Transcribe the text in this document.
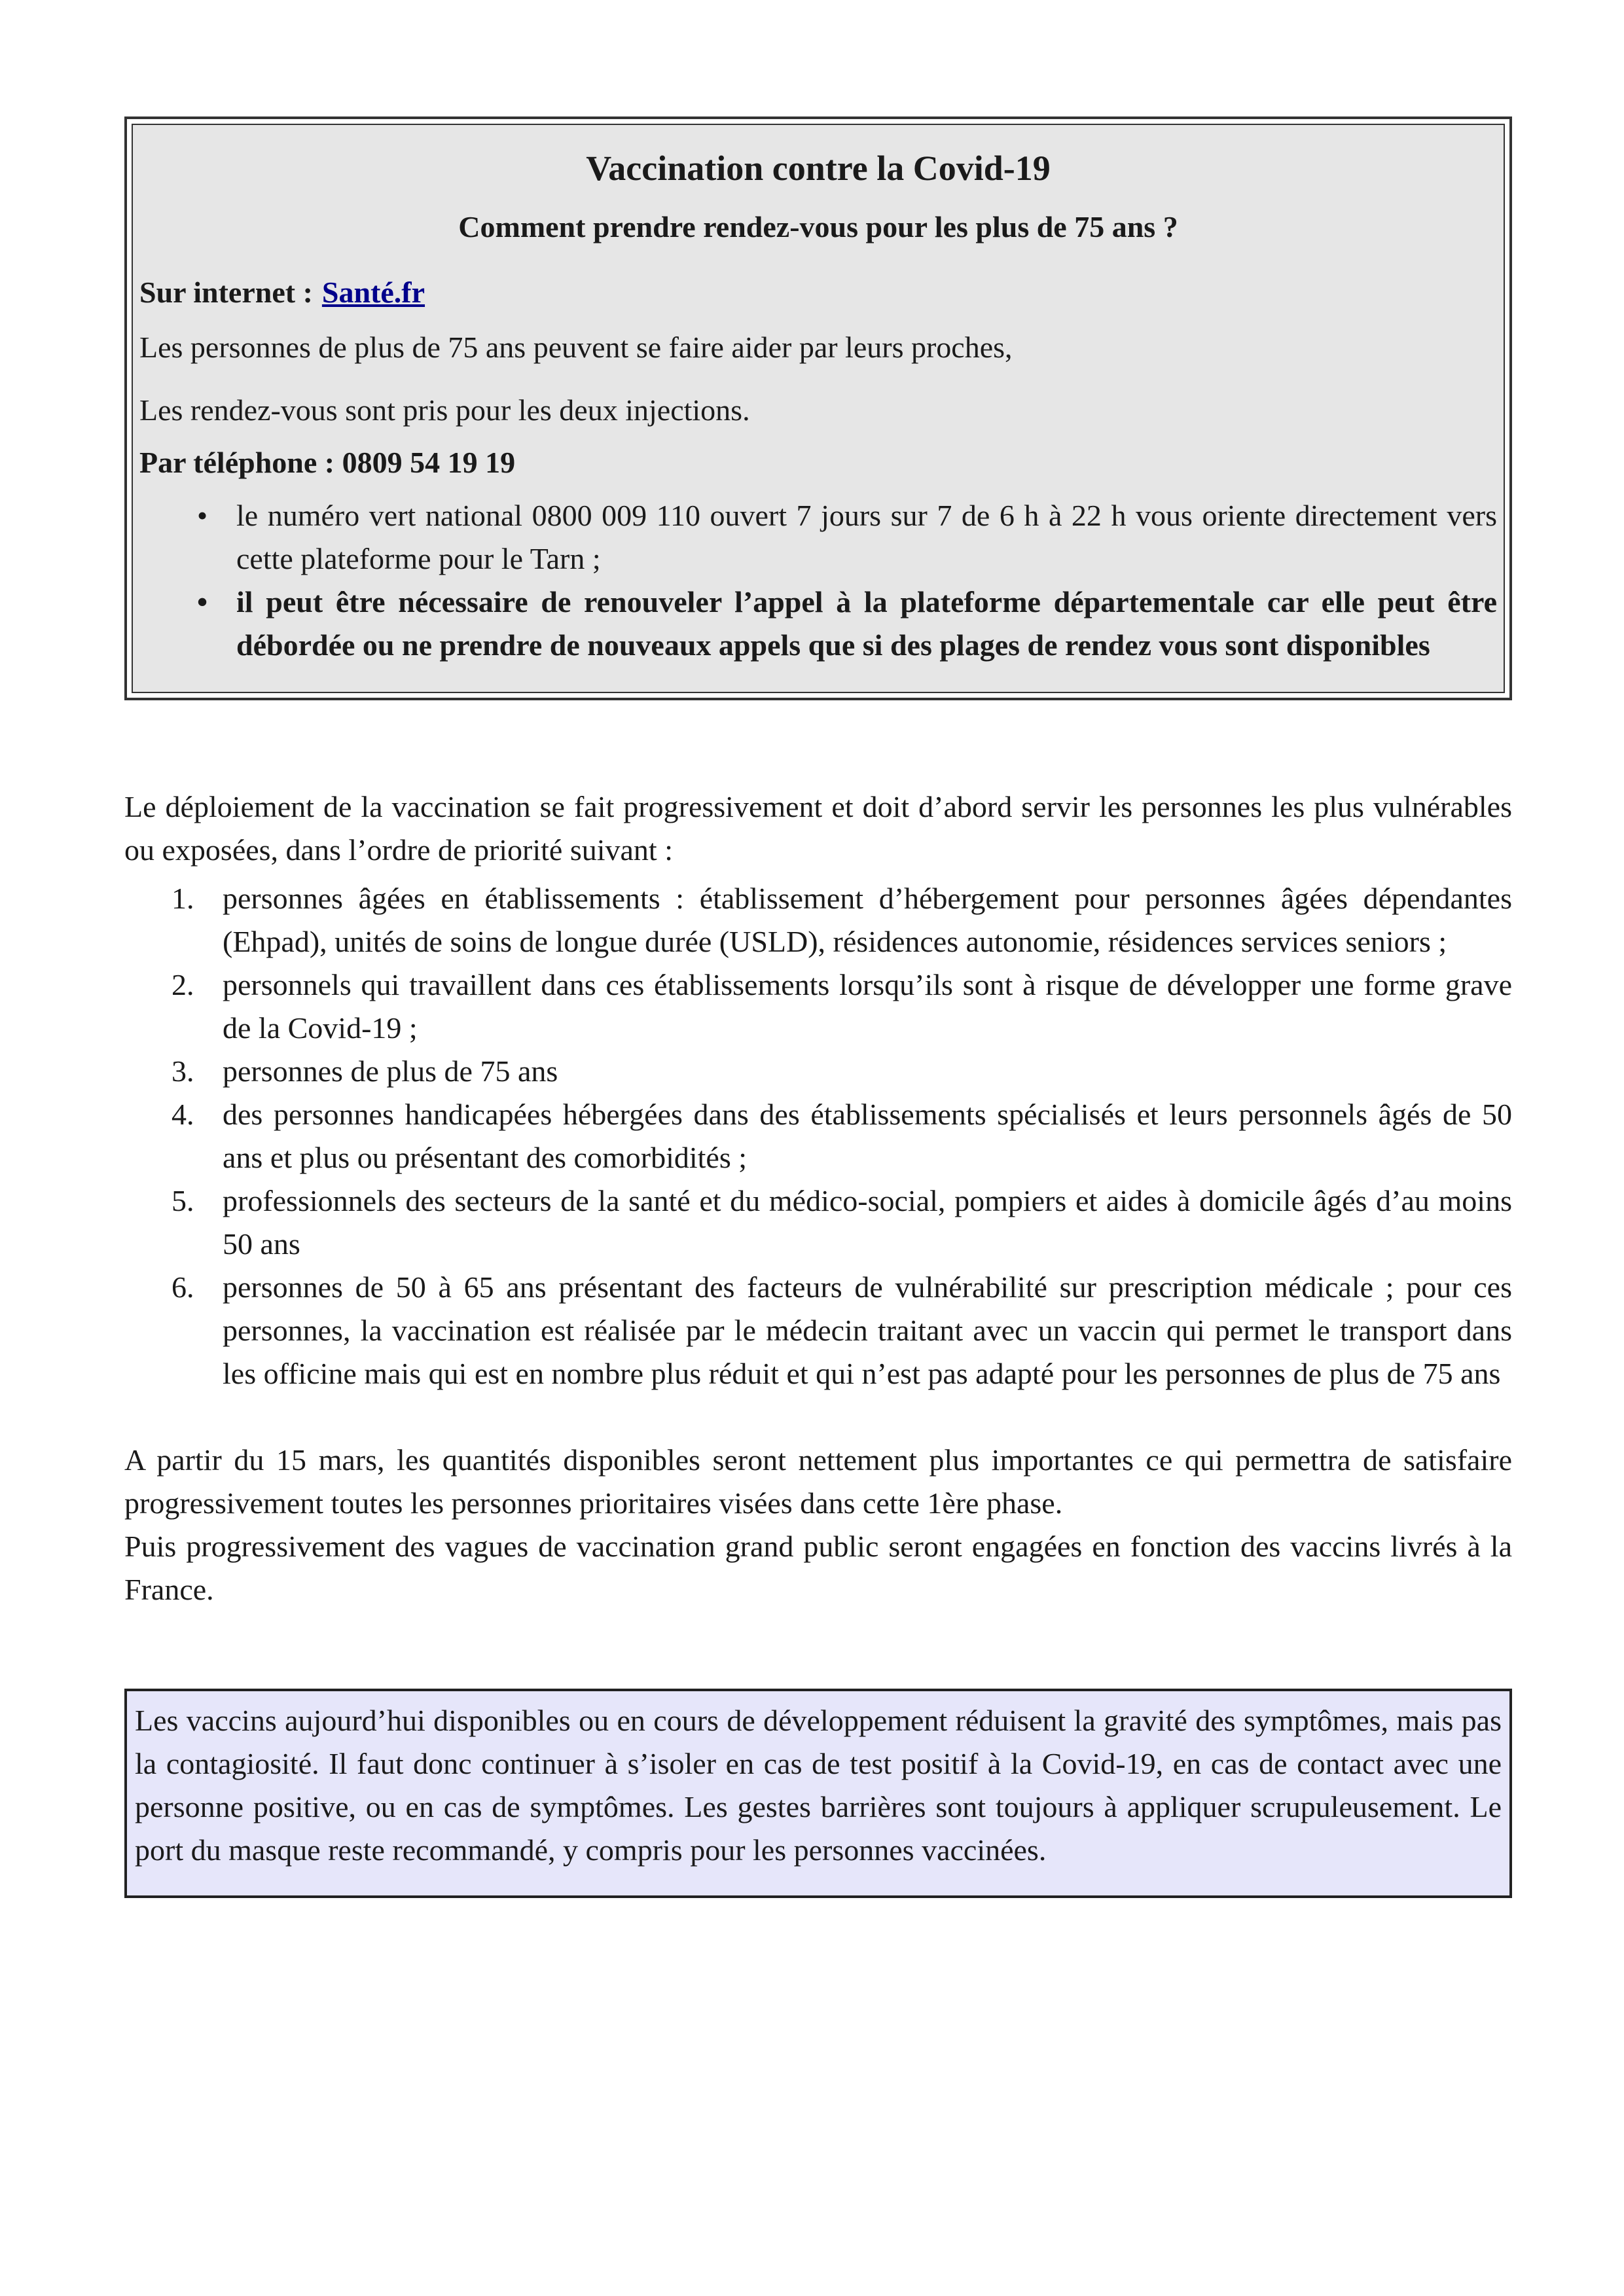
Vaccination contre la Covid-19
Comment prendre rendez-vous pour les plus de 75 ans ?

Sur internet : Santé.fr

Les personnes de plus de 75 ans peuvent se faire aider par leurs proches,

Les rendez-vous sont pris pour les deux injections.

Par téléphone : 0809 54 19 19

• le numéro vert national 0800 009 110 ouvert 7 jours sur 7 de 6 h à 22 h vous oriente directement vers cette plateforme pour le Tarn ;
• il peut être nécessaire de renouveler l’appel à la plateforme départementale car elle peut être débordée ou ne prendre de nouveaux appels que si des plages de rendez vous sont disponibles

Le déploiement de la vaccination se fait progressivement et doit d’abord servir les personnes les plus vulnérables ou exposées, dans l’ordre de priorité suivant :

1. personnes âgées en établissements : établissement d’hébergement pour personnes âgées dépendantes (Ehpad), unités de soins de longue durée (USLD), résidences autonomie, résidences services seniors ;
2. personnels qui travaillent dans ces établissements lorsqu’ils sont à risque de développer une forme grave de la Covid-19 ;
3. personnes de plus de 75 ans
4. des personnes handicapées hébergées dans des établissements spécialisés et leurs personnels âgés de 50 ans et plus ou présentant des comorbidités ;
5. professionnels des secteurs de la santé et du médico-social, pompiers et aides à domicile âgés d’au moins 50 ans
6. personnes de 50 à 65 ans présentant des facteurs de vulnérabilité sur prescription médicale ; pour ces personnes, la vaccination est réalisée par le médecin traitant avec un vaccin qui permet le transport dans les officine mais qui est en nombre plus réduit et qui n’est pas adapté pour les personnes de plus de 75 ans

A partir du 15 mars, les quantités disponibles seront nettement plus importantes ce qui permettra de satisfaire progressivement toutes les personnes prioritaires visées dans cette 1ère phase.

Puis progressivement des vagues de vaccination grand public seront engagées en fonction des vaccins livrés à la France.

Les vaccins aujourd’hui disponibles ou en cours de développement réduisent la gravité des symptômes, mais pas la contagiosité. Il faut donc continuer à s’isoler en cas de test positif à la Covid-19, en cas de contact avec une personne positive, ou en cas de symptômes. Les gestes barrières sont toujours à appliquer scrupuleusement. Le port du masque reste recommandé, y compris pour les personnes vaccinées.
